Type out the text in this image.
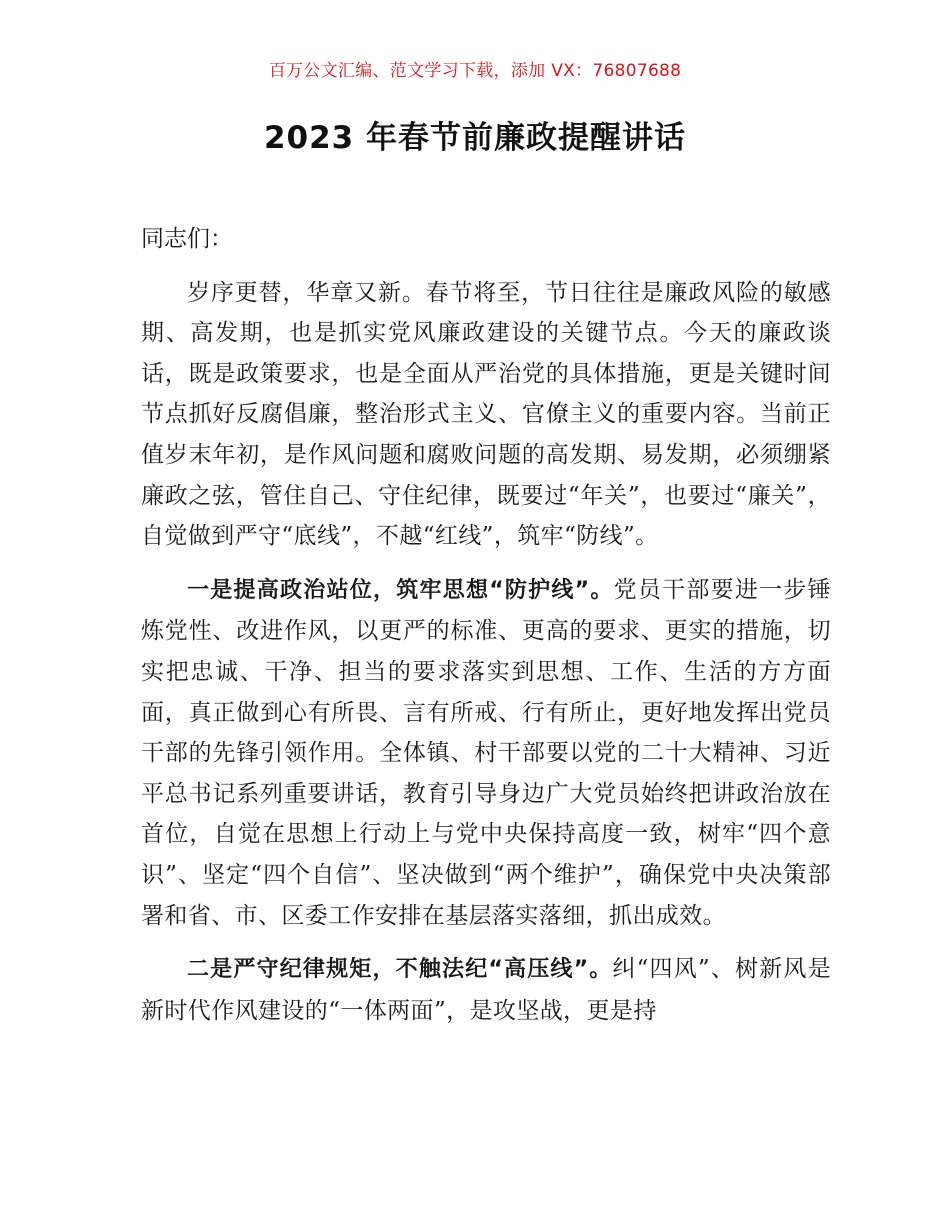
百万公文汇编、范文学习下载，添加 VX：76807688
2023 年春节前廉政提醒讲话

同志们：

岁序更替，华章又新。春节将至，节日往往是廉政风险的敏感期、高发期，也是抓实党风廉政建设的关键节点。今天的廉政谈话，既是政策要求，也是全面从严治党的具体措施，更是关键时间节点抓好反腐倡廉，整治形式主义、官僚主义的重要内容。当前正值岁末年初，是作风问题和腐败问题的高发期、易发期，必须绷紧廉政之弦，管住自己、守住纪律，既要过“年关”，也要过“廉关”，自觉做到严守“底线”，不越“红线”，筑牢“防线”。

一是提高政治站位，筑牢思想“防护线”。党员干部要进一步锤炼党性、改进作风，以更严的标准、更高的要求、更实的措施，切实把忠诚、干净、担当的要求落实到思想、工作、生活的方方面面，真正做到心有所畏、言有所戒、行有所止，更好地发挥出党员干部的先锋引领作用。全体镇、村干部要以党的二十大精神、习近平总书记系列重要讲话，教育引导身边广大党员始终把讲政治放在首位，自觉在思想上行动上与党中央保持高度一致，树牢“四个意识”、坚定“四个自信”、坚决做到“两个维护”，确保党中央决策部署和省、市、区委工作安排在基层落实落细，抓出成效。

二是严守纪律规矩，不触法纪“高压线”。纠“四风”、树新风是新时代作风建设的“一体两面”，是攻坚战，更是持
